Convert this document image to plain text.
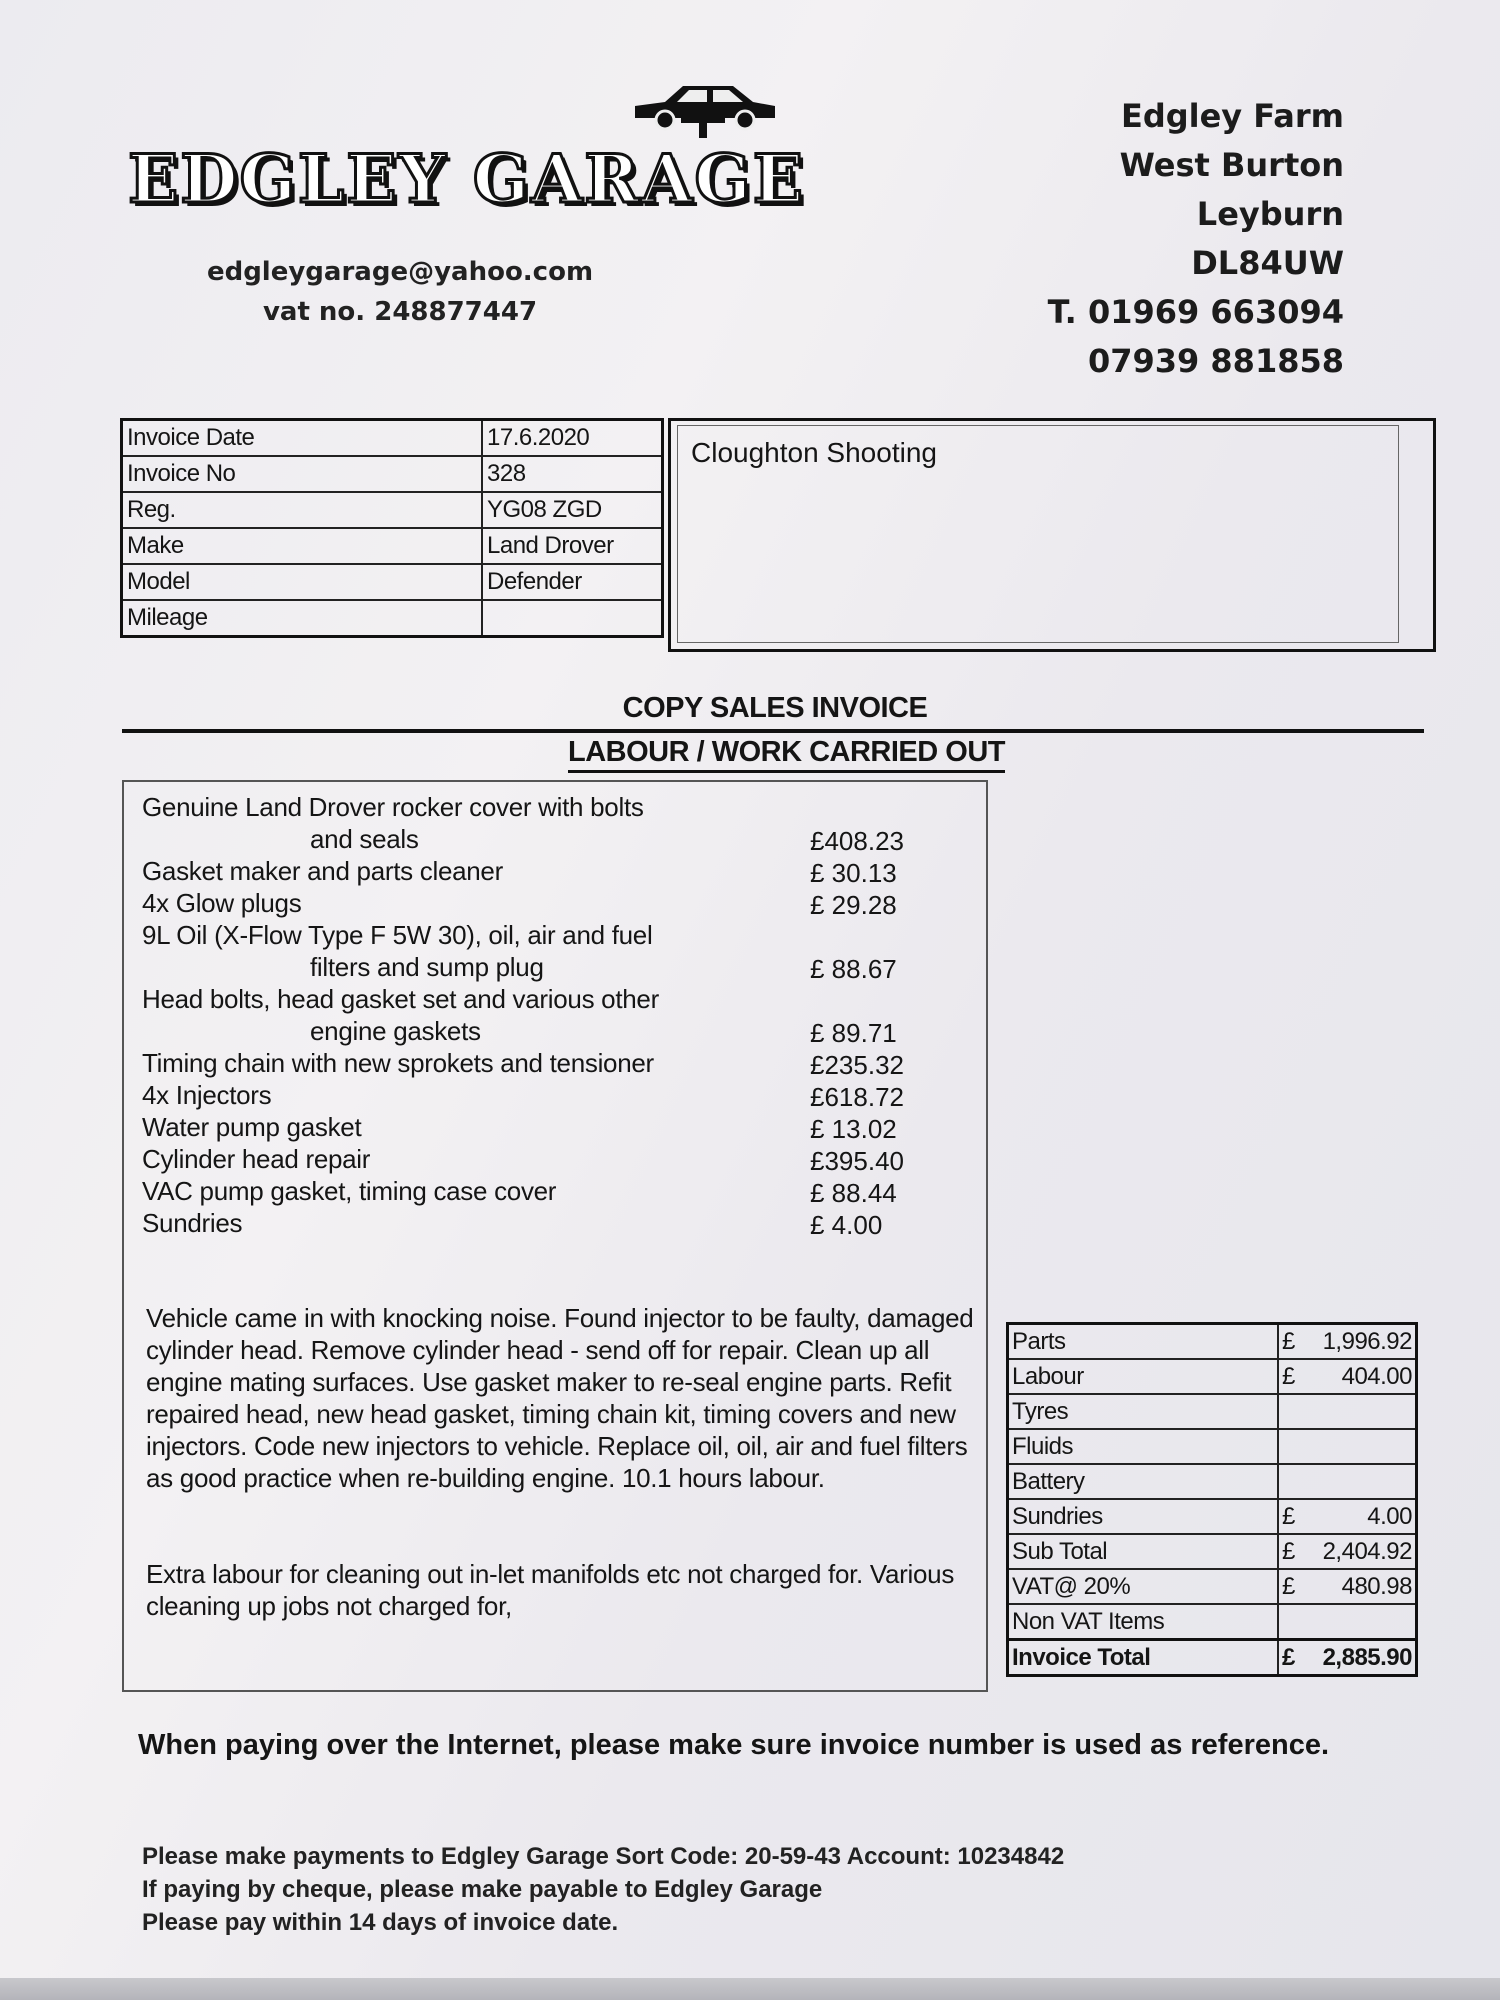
EDGLEY GARAGE
edgleygarage@yahoo.com
vat no. 248877447
Edgley Farm
West Burton
Leyburn
DL84UW
T. 01969 663094
07939 881858
Invoice Date	17.6.2020
Invoice No	328
Reg.	YG08 ZGD
Make	Land Drover
Model	Defender
Mileage	
Cloughton Shooting
COPY SALES INVOICE
LABOUR / WORK CARRIED OUT
Genuine Land Drover rocker cover with bolts
and seals	£408.23
Gasket maker and parts cleaner	£ 30.13
4x Glow plugs	£ 29.28
9L Oil (X-Flow Type F 5W 30), oil, air and fuel
filters and sump plug	£ 88.67
Head bolts, head gasket set and various other
engine gaskets	£ 89.71
Timing chain with new sprokets and tensioner	£235.32
4x Injectors	£618.72
Water pump gasket	£ 13.02
Cylinder head repair	£395.40
VAC pump gasket, timing case cover	£ 88.44
Sundries	£ 4.00
Vehicle came in with knocking noise. Found injector to be faulty, damaged cylinder head. Remove cylinder head - send off for repair. Clean up all engine mating surfaces. Use gasket maker to re-seal engine parts. Refit repaired head, new head gasket, timing chain kit, timing covers and new injectors. Code new injectors to vehicle. Replace oil, oil, air and fuel filters as good practice when re-building engine. 10.1 hours labour.
Extra labour for cleaning out in-let manifolds etc not charged for. Various cleaning up jobs not charged for,
Parts	£ 1,996.92

Labour	£ 404.00

Tyres	

Fluids	

Battery	

Sundries	£ 4.00

Sub Total	£ 2,404.92

VAT@ 20%	£ 480.98

Non VAT Items	

Invoice Total	£ 2,885.90
When paying over the Internet, please make sure invoice number is used as reference.
Please make payments to Edgley Garage Sort Code: 20-59-43 Account: 10234842
If paying by cheque, please make payable to Edgley Garage
Please pay within 14 days of invoice date.
